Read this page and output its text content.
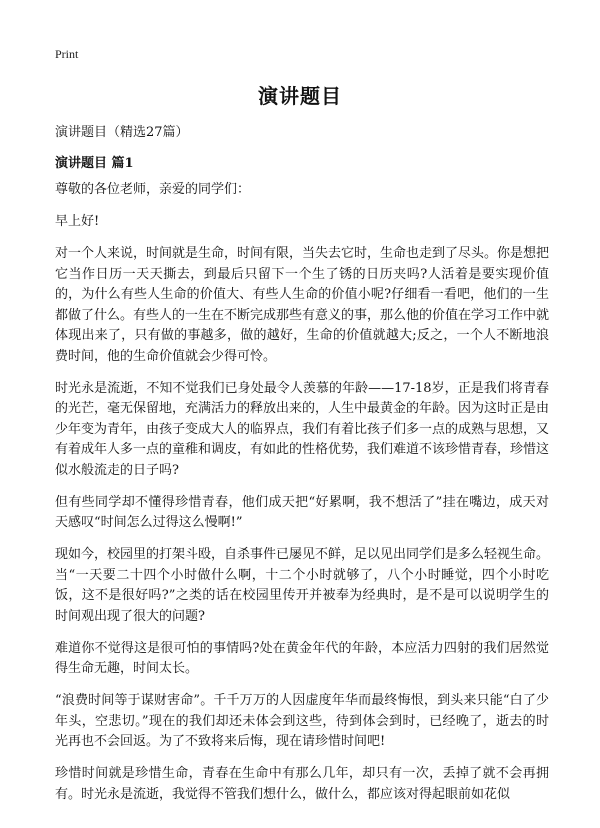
Print
演讲题目
演讲题目（精选27篇）
演讲题目 篇1

尊敬的各位老师，亲爱的同学们：

早上好!

对一个人来说，时间就是生命，时间有限，当失去它时，生命也走到了尽头。你是想把它当作日历一天天撕去，到最后只留下一个生了锈的日历夹吗?人活着是要实现价值的，为什么有些人生命的价值大、有些人生命的价值小呢?仔细看一看吧，他们的一生都做了什么。有些人的一生在不断完成那些有意义的事，那么他的价值在学习工作中就体现出来了，只有做的事越多，做的越好，生命的价值就越大;反之，一个人不断地浪费时间，他的生命价值就会少得可怜。

时光永是流逝，不知不觉我们已身处最令人羡慕的年龄——17-18岁，正是我们将青春的光芒，毫无保留地，充满活力的释放出来的，人生中最黄金的年龄。因为这时正是由少年变为青年，由孩子变成大人的临界点，我们有着比孩子们多一点的成熟与思想，又有着成年人多一点的童稚和调皮，有如此的性格优势，我们难道不该珍惜青春，珍惜这似水般流走的日子吗?

但有些同学却不懂得珍惜青春，他们成天把“好累啊，我不想活了”挂在嘴边，成天对天感叹“时间怎么过得这么慢啊!”

现如今，校园里的打架斗殴，自杀事件已屡见不鲜，足以见出同学们是多么轻视生命。当“一天要二十四个小时做什么啊，十二个小时就够了，八个小时睡觉，四个小时吃饭，这不是很好吗?”之类的话在校园里传开并被奉为经典时，是不是可以说明学生的时间观出现了很大的问题?

难道你不觉得这是很可怕的事情吗?处在黄金年代的年龄，本应活力四射的我们居然觉得生命无趣，时间太长。

“浪费时间等于谋财害命”。千千万万的人因虚度年华而最终悔恨，到头来只能“白了少年头，空悲切。”现在的我们却还未体会到这些，待到体会到时，已经晚了，逝去的时光再也不会回返。为了不致将来后悔，现在请珍惜时间吧!

珍惜时间就是珍惜生命，青春在生命中有那么几年，却只有一次，丢掉了就不会再拥有。时光永是流逝，我觉得不管我们想什么，做什么，都应该对得起眼前如花似
